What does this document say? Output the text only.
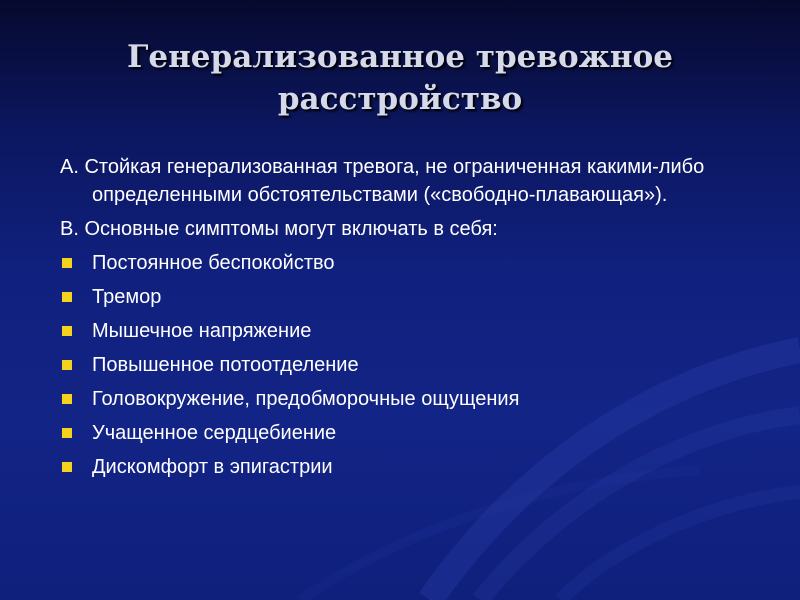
Генерализованное тревожное
расстройство
А. Стойкая генерализованная тревога, не ограниченная какими-либо определенными обстоятельствами («свободно-плавающая»).
В. Основные симптомы могут включать в себя:
Постоянное беспокойство
Тремор
Мышечное напряжение
Повышенное потоотделение
Головокружение, предобморочные ощущения
Учащенное сердцебиение
Дискомфорт в эпигастрии
